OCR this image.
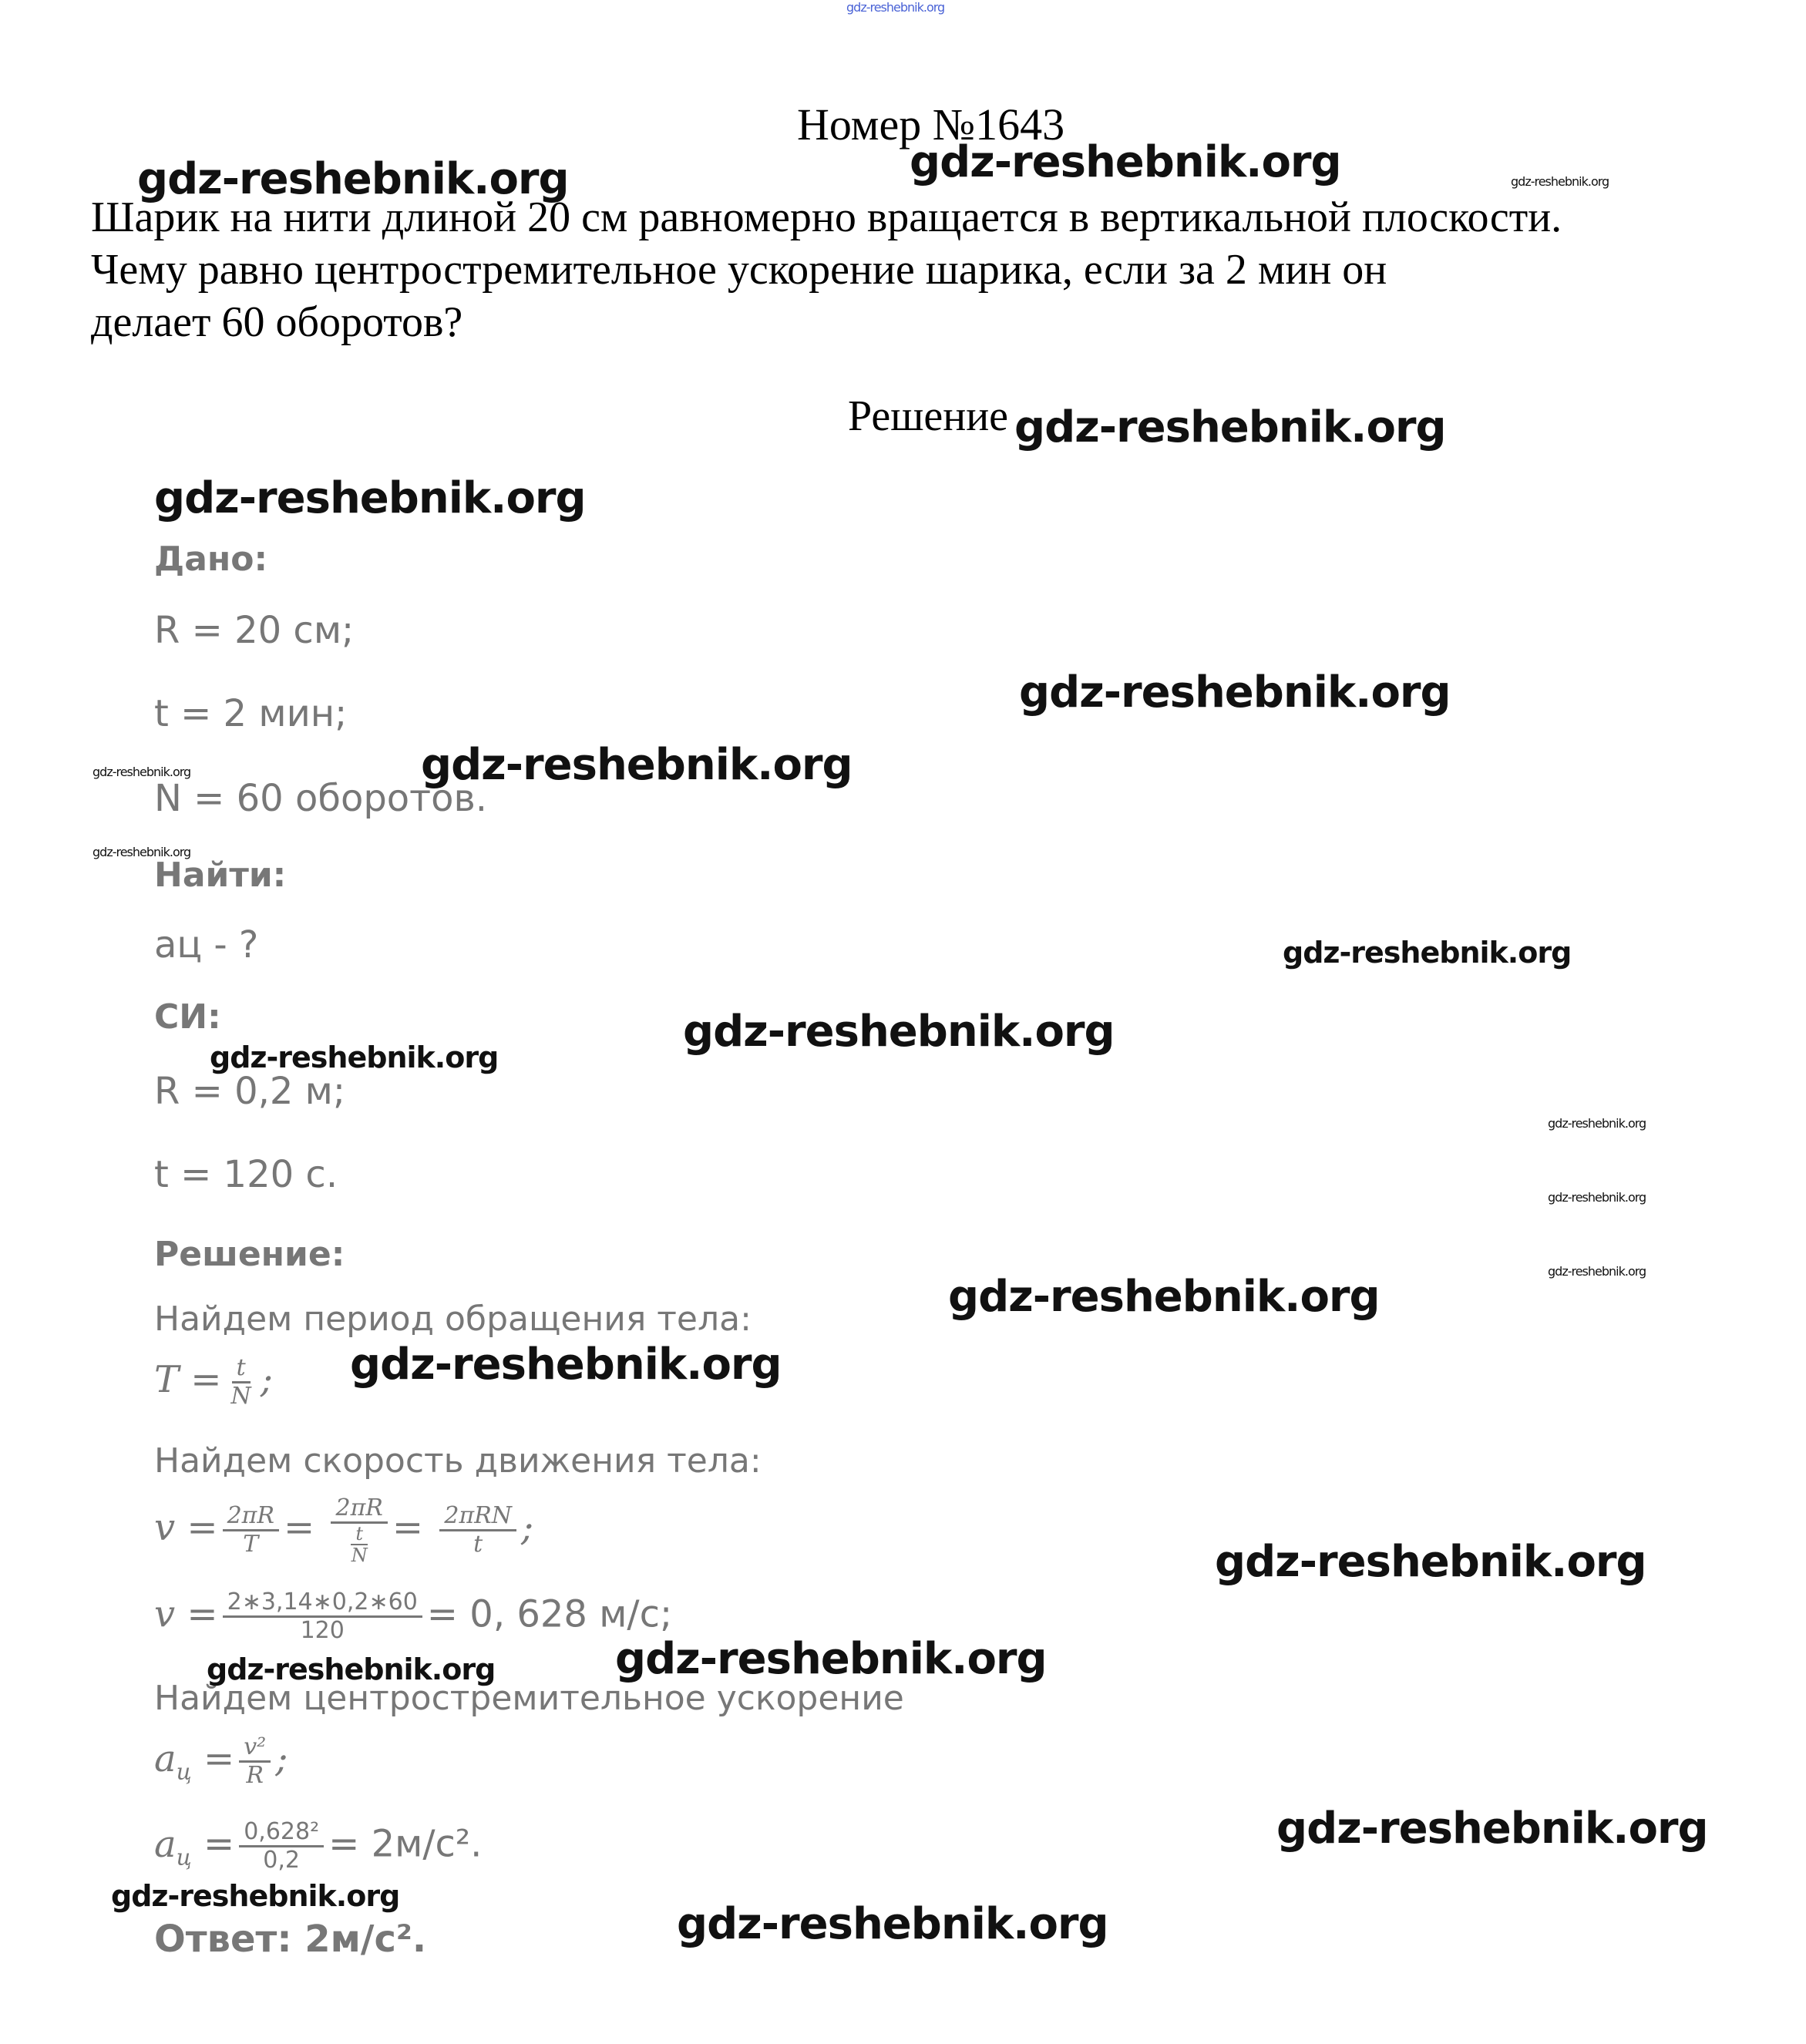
Номер №1643
Шарик на нити длиной 20 см равномерно вращается в вертикальной плоскости.
Чему равно центростремительное ускорение шарика, если за 2 мин он
делает 60 оборотов?
Решение
Дано:
R = 20 см;
t = 2 мин;
N = 60 оборотов.
Найти:
aц - ?
СИ:
R = 0,2 м;
t = 120 с.
Решение:
Найдем период обращения тела:
$T = \frac{t}{N}$ ;
Найдем скорость движения тела:
$v = \frac{2\pi R}{T} = \frac{2\pi R}{\frac{t}{N}} = \frac{\text{2πRN}}{t}$ ;
$v = \frac{2∗3,14∗0,2∗60}{120} = 0$, 628 м/с;
Найдем центростремительное ускорение
$a_ц = \frac{\text{v²}}{R}$ ;
$a_ц = \frac{\text{0,628²}}{0,2} = 2м/с^2$.
Ответ: 2м/с².
gdz-reshebnik.org
gdz-reshebnik.org	gdz-reshebnik.org	gdz-reshebnik.org
gdz-reshebnik.org
gdz-reshebnik.org
gdz-reshebnik.org
gdz-reshebnik.org	gdz-reshebnik.org
gdz-reshebnik.org
gdz-reshebnik.org
gdz-reshebnik.org
gdz-reshebnik.org
gdz-reshebnik.org
gdz-reshebnik.org
gdz-reshebnik.org
gdz-reshebnik.org
gdz-reshebnik.org
gdz-reshebnik.org
gdz-reshebnik.org	gdz-reshebnik.org
gdz-reshebnik.org
gdz-reshebnik.org
gdz-reshebnik.org
